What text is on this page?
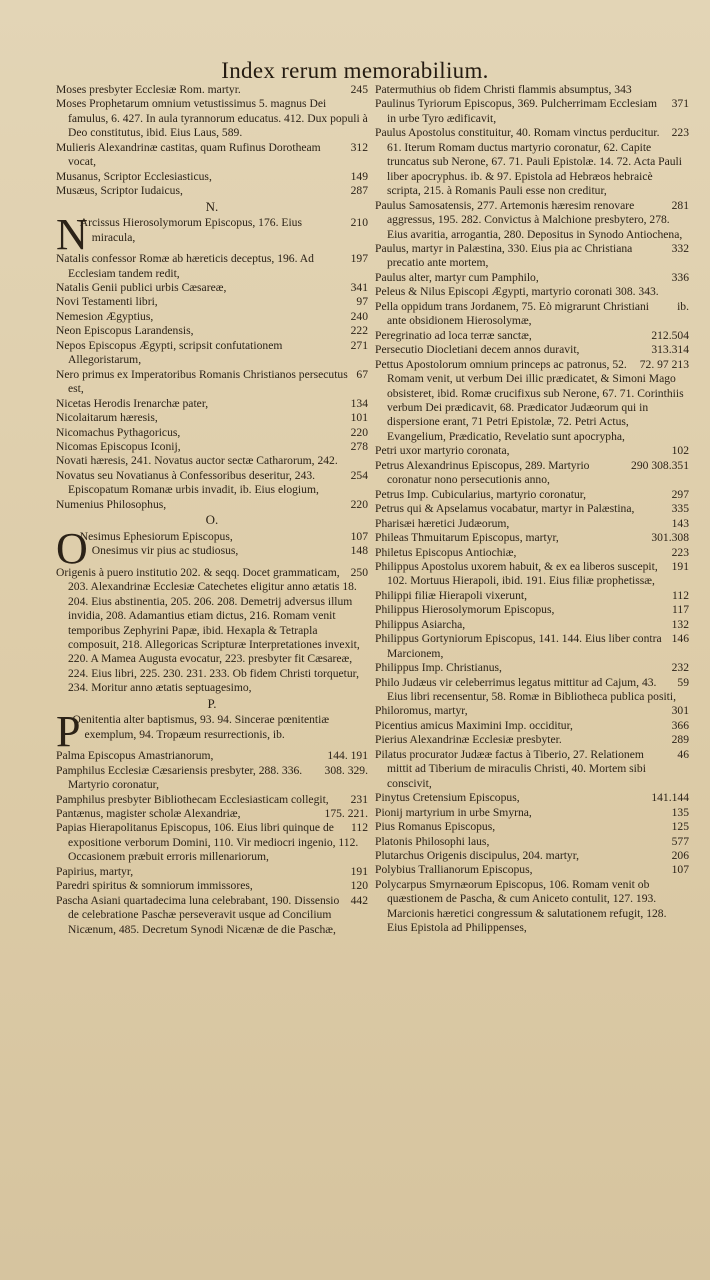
Index rerum memorabilium.
245
Moses presbyter Ecclesiæ Rom. martyr.
Moses Prophetarum omnium vetustissimus 5. magnus Dei famulus, 6. 427. In aula tyrannorum educatus. 412. Dux populi à Deo constitutus, ibid. Eius Laus, 589.
312
Mulieris Alexandrinæ castitas, quam Rufinus Dorotheam vocat,
149
Musanus, Scriptor Ecclesiasticus,
287
Musæus, Scriptor Iudaicus,
N.
N	210
Arcissus Hierosolymorum Episcopus, 176. Eius miracula,
197
Natalis confessor Romæ ab hæreticis deceptus, 196. Ad Ecclesiam tandem redit,
341
Natalis Genii publici urbis Cæsareæ,
97
Novi Testamenti libri,
240
Nemesion Ægyptius,
222
Neon Episcopus Larandensis,
271
Nepos Episcopus Ægypti, scripsit confutationem Allegoristarum,
67
Nero primus ex Imperatoribus Romanis Christianos persecutus est,
134
Nicetas Herodis Irenarchæ pater,
101
Nicolaitarum hæresis,
220
Nicomachus Pythagoricus,
278
Nicomas Episcopus Iconij,
Novati hæresis, 241. Novatus auctor sectæ Catharorum, 242.
254
Novatus seu Novatianus à Confessoribus deseritur, 243. Episcopatum Romanæ urbis invadit, ib. Eius elogium,
220
Numenius Philosophus,
O.
O	107
Nesimus Ephesiorum Episcopus,

148
Onesimus vir pius ac studiosus,
250
Origenis à puero institutio 202. & seqq. Docet grammaticam, 203. Alexandrinæ Ecclesiæ Catechetes eligitur anno ætatis 18. 204. Eius abstinentia, 205. 206. 208. Demetrij adversus illum invidia, 208. Adamantius etiam dictus, 216. Romam venit temporibus Zephyrini Papæ, ibid. Hexapla & Tetrapla composuit, 218. Allegoricas Scripturæ Interpretationes invexit, 220. A Mamea Augusta evocatur, 223. presbyter fit Cæsareæ, 224. Eius libri, 225. 230. 231. 233. Ob fidem Christi torquetur, 234. Moritur anno ætatis septuagesimo,
P.
P
Oenitentia alter baptismus, 93. 94. Sincerae pœnitentiæ exemplum, 94. Tropæum resurrectionis, ib.
144. 191
Palma Episcopus Amastrianorum,
308. 329.
Pamphilus Ecclesiæ Cæsariensis presbyter, 288. 336. Martyrio coronatur,
231
Pamphilus presbyter Bibliothecam Ecclesiasticam collegit,
175. 221.
Pantænus, magister scholæ Alexandriæ,
112
Papias Hierapolitanus Episcopus, 106. Eius libri quinque de expositione verborum Domini, 110. Vir mediocri ingenio, 112. Occasionem præbuit erroris millenariorum,
191
Papirius, martyr,
120
Paredri spiritus & somniorum immissores,
442
Pascha Asiani quartadecima luna celebrabant, 190. Dissensio de celebratione Paschæ perseveravit usque ad Concilium Nicænum, 485. Decretum Synodi Nicænæ de die Paschæ,
Patermuthius ob fidem Christi flammis absumptus, 343
371
Paulinus Tyriorum Episcopus, 369. Pulcherrimam Ecclesiam in urbe Tyro ædificavit,
223
Paulus Apostolus constituitur, 40. Romam vinctus perducitur. 61. Iterum Romam ductus martyrio coronatur, 62. Capite truncatus sub Nerone, 67. 71. Pauli Epistolæ. 14. 72. Acta Pauli liber apocryphus. ib. & 97. Epistola ad Hebræos hebraicè scripta, 215. à Romanis Pauli esse non creditur,
281
Paulus Samosatensis, 277. Artemonis hæresim renovare aggressus, 195. 282. Convictus à Malchione presbytero, 278. Eius avaritia, arrogantia, 280. Depositus in Synodo Antiochena,
332
Paulus, martyr in Palæstina, 330. Eius pia ac Christiana precatio ante mortem,
336
Paulus alter, martyr cum Pamphilo,
Peleus & Nilus Episcopi Ægypti, martyrio coronati 308. 343.
ib.
Pella oppidum trans Jordanem, 75. Eò migrarunt Christiani ante obsidionem Hierosolymæ,
212.504
Peregrinatio ad loca terræ sanctæ,
313.314
Persecutio Diocletiani decem annos duravit,
72. 97 213
Pettus Apostolorum omnium princeps ac patronus, 52. Romam venit, ut verbum Dei illic prædicatet, & Simoni Mago obsisteret, ibid. Romæ crucifixus sub Nerone, 67. 71. Corinthiis verbum Dei prædicavit, 68. Prædicator Judæorum qui in dispersione erant, 71 Petri Epistolæ, 72. Petri Actus, Evangelium, Prædicatio, Revelatio sunt apocrypha,
102
Petri uxor martyrio coronata,
290 308.351
Petrus Alexandrinus Episcopus, 289. Martyrio coronatur nono persecutionis anno,
297
Petrus Imp. Cubicularius, martyrio coronatur,
335
Petrus qui & Apselamus vocabatur, martyr in Palæstina,
143
Pharisæi hæretici Judæorum,
301.308
Phileas Thmuitarum Episcopus, martyr,
223
Philetus Episcopus Antiochiæ,
191
Philippus Apostolus uxorem habuit, & ex ea liberos suscepit, 102. Mortuus Hierapoli, ibid. 191. Eius filiæ prophetissæ,
112
Philippi filiæ Hierapoli vixerunt,
117
Philippus Hierosolymorum Episcopus,
132
Philippus Asiarcha,
146
Philippus Gortyniorum Episcopus, 141. 144. Eius liber contra Marcionem,
232
Philippus Imp. Christianus,
59
Philo Judæus vir celeberrimus legatus mittitur ad Cajum, 43. Eius libri recensentur, 58. Romæ in Bibliotheca publica positi,
301
Philoromus, martyr,
366
Picentius amicus Maximini Imp. occiditur,
289
Pierius Alexandrinæ Ecclesiæ presbyter.
46
Pilatus procurator Judææ factus à Tiberio, 27. Relationem mittit ad Tiberium de miraculis Christi, 40. Mortem sibi conscivit,
141.144
Pinytus Cretensium Episcopus,
135
Pionij martyrium in urbe Smyrna,
125
Pius Romanus Episcopus,
577
Platonis Philosophi laus,
206
Plutarchus Origenis discipulus, 204. martyr,
107
Polybius Trallianorum Episcopus,
Polycarpus Smyrnæorum Episcopus, 106. Romam venit ob quæstionem de Pascha, & cum Aniceto contulit, 127. 193. Marcionis hæretici congressum & salutationem refugit, 128. Eius Epistola ad Philippenses,
